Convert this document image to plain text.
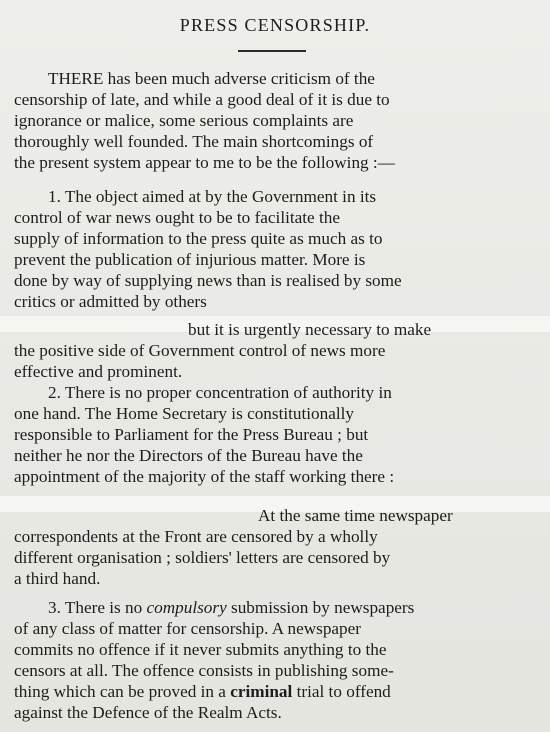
PRESS CENSORSHIP.
THERE has been much adverse criticism of the
censorship of late, and while a good deal of it is due to
ignorance or malice, some serious complaints are
thoroughly well founded. The main shortcomings of
the present system appear to me to be the following :—
1. The object aimed at by the Government in its
control of war news ought to be to facilitate the
supply of information to the press quite as much as to
prevent the publication of injurious matter. More is
done by way of supplying news than is realised by some
critics or admitted by others
but it is urgently necessary to make
the positive side of Government control of news more
effective and prominent.
2. There is no proper concentration of authority in
one hand. The Home Secretary is constitutionally
responsible to Parliament for the Press Bureau ; but
neither he nor the Directors of the Bureau have the
appointment of the majority of the staff working there :
At the same time newspaper
correspondents at the Front are censored by a wholly
different organisation ; soldiers' letters are censored by
a third hand.
3. There is no compulsory submission by newspapers
of any class of matter for censorship. A newspaper
commits no offence if it never submits anything to the
censors at all. The offence consists in publishing some-
thing which can be proved in a criminal trial to offend
against the Defence of the Realm Acts.
